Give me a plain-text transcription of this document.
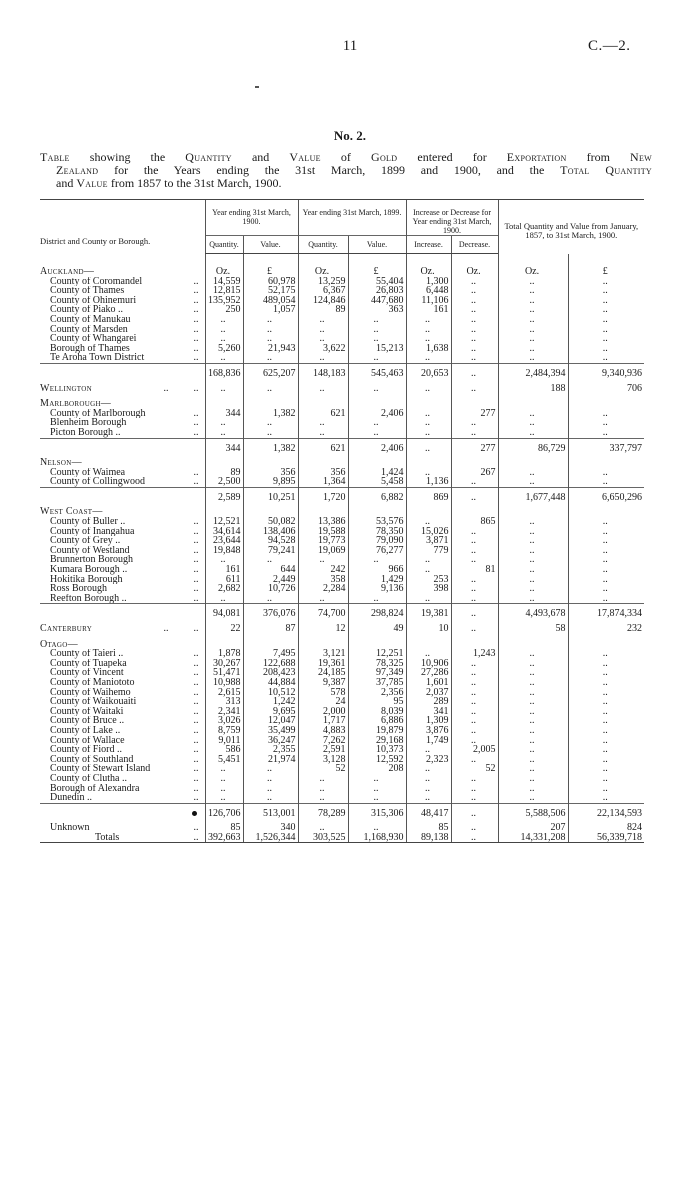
11	C.—2.
No. 2.
Table showing the Quantity and Value of Gold entered for Exportation from New
Zealand for the Years ending the 31st March, 1899 and 1900, and the Total Quantity
and Value from 1857 to the 31st March, 1900.
District and County or Borough.	Year ending 31st March, 1900.		Year ending 31st March, 1899.		Increase or Decrease for Year ending 31st March, 1900.		Total Quantity and Value from January, 1857, to 31st March, 1900.	
	Quantity.	Value.	Quantity.	Value.	Increase.	Decrease.		

Auckland—	Oz.	£	Oz.	£	Oz.	Oz.	Oz.	£
County of Coromandel ..	14,559	60,978	13,259	55,404	1,300	..	..	..
County of Thames ..	12,815	52,175	6,367	26,803	6,448	..	..	..
County of Ohinemuri ..	135,952	489,054	124,846	447,680	11,106	..	..	..
County of Piako .. ..	250	1,057	89	363	161	..	..	..
County of Manukau ..	..	..	..	..	..	..	..	..
County of Marsden ..	..	..	..	..	..	..	..	..
County of Whangarei ..	..	..	..	..	..	..	..	..
Borough of Thames ..	5,260	21,943	3,622	15,213	1,638	..	..	..
Te Aroha Town District ..	..	..	..	..	..	..	..	..
	168,836	625,207	148,183	545,463	20,653	..	2,484,394	9,340,936
Wellington ..          ..	..	..	..	..	..	..	188	706

Marlborough—								
County of Marlborough ..	344	1,382	621	2,406	..	277	..	..
Blenheim Borough ..	..	..	..	..	..	..	..	..
Picton Borough .. ..	..	..	..	..	..	..	..	..
	344	1,382	621	2,406	..	277	86,729	337,797
Nelson—								
County of Waimea ..	89	356	356	1,424	..	267	..	..
County of Collingwood ..	2,500	9,895	1,364	5,458	1,136	..	..	..
	2,589	10,251	1,720	6,882	869	..	1,677,448	6,650,296
West Coast—								
County of Buller .. ..	12,521	50,082	13,386	53,576	..	865	..	..
County of Inangahua ..	34,614	138,406	19,588	78,350	15,026	..	..	..
County of Grey .. ..	23,644	94,528	19,773	79,090	3,871	..	..	..
County of Westland ..	19,848	79,241	19,069	76,277	779	..	..	..
Brunnerton Borough ..	..	..	..	..	..	..	..	..
Kumara Borough .. ..	161	644	242	966	..	81	..	..
Hokitika Borough ..	611	2,449	358	1,429	253	..	..	..
Ross Borough ..	2,682	10,726	2,284	9,136	398	..	..	..
Reefton Borough .. ..	..	..	..	..	..	..	..	..
	94,081	376,076	74,700	298,824	19,381	..	4,493,678	17,874,334
Canterbury ..          ..	22	87	12	49	10	..	58	232

Otago—								
County of Taieri .. ..	1,878	7,495	3,121	12,251	..	1,243	..	..
County of Tuapeka ..	30,267	122,688	19,361	78,325	10,906	..	..	..
County of Vincent ..	51,471	208,423	24,185	97,349	27,286	..	..	..
County of Maniototo ..	10,988	44,884	9,387	37,785	1,601	..	..	..
County of Waihemo ..	2,615	10,512	578	2,356	2,037	..	..	..
County of Waikouaiti ..	313	1,242	24	95	289	..	..	..
County of Waitaki ..	2,341	9,695	2,000	8,039	341	..	..	..
County of Bruce .. ..	3,026	12,047	1,717	6,886	1,309	..	..	..
County of Lake .. ..	8,759	35,499	4,883	19,879	3,876	..	..	..
County of Wallace ..	9,011	36,247	7,262	29,168	1,749	..	..	..
County of Fiord .. ..	586	2,355	2,591	10,373	..	2,005	..	..
County of Southland ..	5,451	21,974	3,128	12,592	2,323	..	..	..
County of Stewart Island ..	..	..	52	208	..	52	..	..
County of Clutha .. ..	..	..	..	..	..	..	..	..
Borough of Alexandra ..	..	..	..	..	..	..	..	..
Dunedin .. ..	..	..	..	..	..	..	..	..
	126,706	513,001	78,289	315,306	48,417	..	5,588,506	22,134,593
Unknown ..	85	340	..	..	85	..	207	824
Totals ..	392,663	1,526,344	303,525	1,168,930	89,138	..	14,331,208	56,339,718
